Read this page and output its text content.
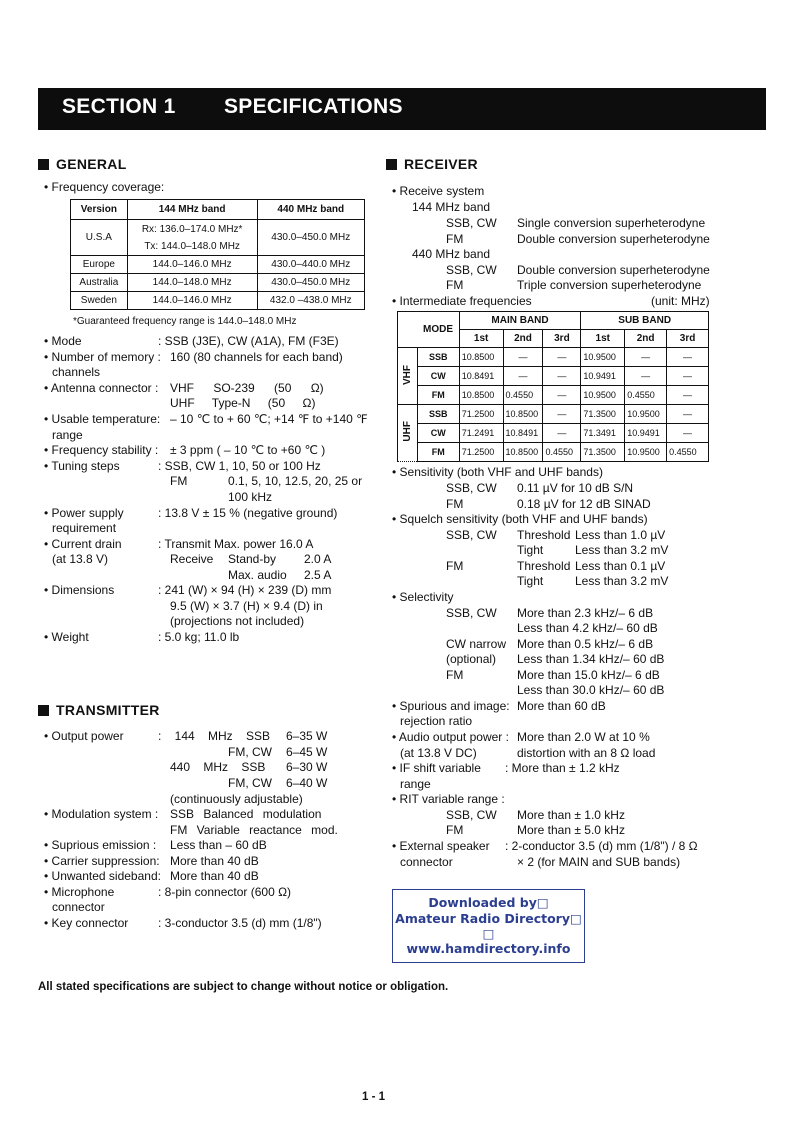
SECTION 1 SPECIFICATIONS
GENERAL
• Frequency coverage:
Version	144 MHz band	440 MHz band
U.S.A	Rx: 136.0–174.0 MHz*
Tx: 144.0–148.0 MHz	430.0–450.0 MHz
Europe	144.0–146.0 MHz	430.0–440.0 MHz
Australia	144.0–148.0 MHz	430.0–450.0 MHz
Sweden	144.0–146.0 MHz	432.0 –438.0 MHz
*Guaranteed frequency range is 144.0–148.0 MHz
• Mode	: SSB (J3E), CW (A1A), FM (F3E)
• Number of memory : 160 (80 channels for each band)
channels
• Antenna connector : VHF SO-239 (50 Ω)
UHF Type-N (50 Ω)
• Usable temperature: – 10 ℃ to + 60 ℃; +14 ℉ to +140 ℉
range
• Frequency stability : ± 3 ppm ( – 10 ℃ to +60 ℃ )
• Tuning steps	: SSB, CW 1, 10, 50 or 100 Hz
FM	0.1, 5, 10, 12.5, 20, 25 or
100 kHz
• Power supply	: 13.8 V ± 15 % (negative ground)
requirement
• Current drain	: Transmit Max. power 16.0 A
(at 13.8 V)	Receive Stand-by 2.0 A
Max. audio 2.5 A
• Dimensions	: 241 (W) × 94 (H) × 239 (D) mm
9.5 (W) × 3.7 (H) × 9.4 (D) in
(projections not included)
• Weight	: 5.0 kg; 11.0 lb
TRANSMITTER
• Output power	: 144 MHz SSB 6–35 W
FM, CW 6–45 W
440 MHz SSB 6–30 W
FM, CW 6–40 W
(continuously adjustable)
• Modulation system : SSB Balanced modulation
FM Variable reactance mod.
• Suprious emission : Less than – 60 dB
• Carrier suppression: More than 40 dB
• Unwanted sideband: More than 40 dB
• Microphone	: 8-pin connector (600 Ω)
connector
• Key connector : 3-conductor 3.5 (d) mm (1/8")
RECEIVER
• Receive system
144 MHz band
SSB, CW Single conversion superheterodyne
FM	Double conversion superheterodyne
440 MHz band
SSB, CW Double conversion superheterodyne
FM	Triple conversion superheterodyne
• Intermediate frequencies	(unit: MHz)
	MODE	MAIN BAND			SUB BAND		
		1st	2nd	3rd	1st	2nd	3rd
VHF	SSB	10.8500	—	—	10.9500	—	—
	CW	10.8491	—	—	10.9491	—	—
	FM	10.8500	0.4550	—	10.9500	0.4550	—
UHF	SSB	71.2500	10.8500	—	71.3500	10.9500	—
	CW	71.2491	10.8491	—	71.3491	10.9491	—
	FM	71.2500	10.8500	0.4550	71.3500	10.9500	0.4550
• Sensitivity (both VHF and UHF bands)
SSB, CW 0.11 µV for 10 dB S/N
FM	0.18 µV for 12 dB SINAD
• Squelch sensitivity (both VHF and UHF bands)
SSB, CW Threshold Less than 1.0 µV
Tight	Less than 3.2 mV
FM	Threshold Less than 0.1 µV
Tight	Less than 3.2 mV
• Selectivity
SSB, CW More than 2.3 kHz/– 6 dB
Less than 4.2 kHz/– 60 dB
CW narrow More than 0.5 kHz/– 6 dB
(optional) Less than 1.34 kHz/– 60 dB
FM	More than 15.0 kHz/– 6 dB
Less than 30.0 kHz/– 60 dB
• Spurious and image: More than 60 dB
rejection ratio
• Audio output power : More than 2.0 W at 10 %
(at 13.8 V DC)	distortion with an 8 Ω load
• IF shift variable : More than ± 1.2 kHz
range
• RIT variable range :
SSB, CW More than ± 1.0 kHz
FM	More than ± 5.0 kHz
• External speaker : 2-conductor 3.5 (d) mm (1/8") / 8 Ω
connector	× 2 (for MAIN and SUB bands)
Downloaded by□
Amateur Radio Directory□
□
www.hamdirectory.info
All stated specifications are subject to change without notice or obligation.
1 - 1
